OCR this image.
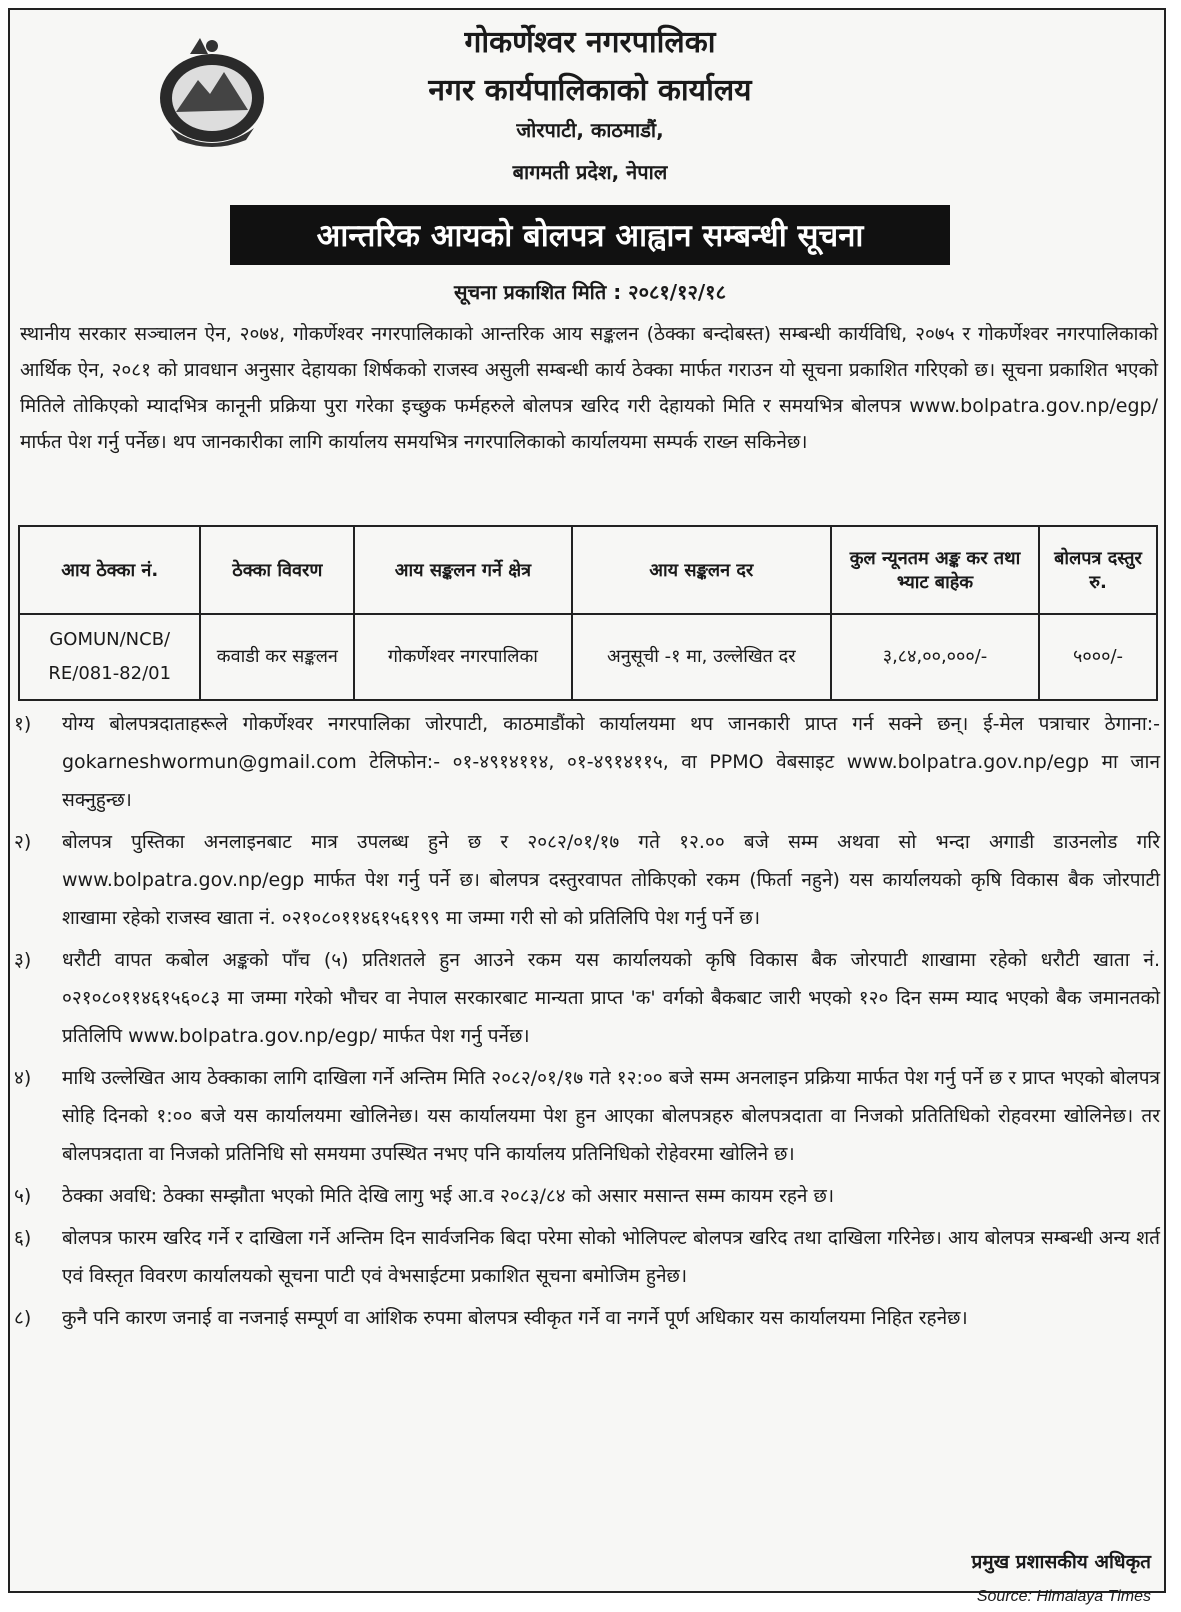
गोकर्णेश्वर नगरपालिका
नगर कार्यपालिकाको कार्यालय
जोरपाटी, काठमाडौं,
बागमती प्रदेश, नेपाल
आन्तरिक आयको बोलपत्र आह्वान सम्बन्धी सूचना
सूचना प्रकाशित मिति : २०८१/१२/१८

स्थानीय सरकार सञ्चालन ऐन, २०७४, गोकर्णेश्वर नगरपालिकाको आन्तरिक आय सङ्कलन (ठेक्का बन्दोबस्त) सम्बन्धी कार्यविधि, २०७५ र गोकर्णेश्वर नगरपालिकाको आर्थिक ऐन, २०८१ को प्रावधान अनुसार देहायका शिर्षकको राजस्व असुली सम्बन्धी कार्य ठेक्का मार्फत गराउन यो सूचना प्रकाशित गरिएको छ। सूचना प्रकाशित भएको मितिले तोकिएको म्यादभित्र कानूनी प्रक्रिया पुरा गरेका इच्छुक फर्महरुले बोलपत्र खरिद गरी देहायको मिति र समयभित्र बोलपत्र www.bolpatra.gov.np/egp/ मार्फत पेश गर्नु पर्नेछ। थप जानकारीका लागि कार्यालय समयभित्र नगरपालिकाको कार्यालयमा सम्पर्क राख्न सकिनेछ।

आय ठेक्का नं.	ठेक्का विवरण	आय सङ्कलन गर्ने क्षेत्र	आय सङ्कलन दर	कुल न्यूनतम अङ्क कर तथा भ्याट बाहेक	बोलपत्र दस्तुर रु.
GOMUN/NCB/ RE/081-82/01	कवाडी कर सङ्कलन	गोकर्णेश्वर नगरपालिका	अनुसूची -१ मा, उल्लेखित दर	३,८४,००,०००/-	५०००/-
१)	योग्य बोलपत्रदाताहरूले गोकर्णेश्वर नगरपालिका जोरपाटी, काठमाडौंको कार्यालयमा थप जानकारी प्राप्त गर्न सक्ने छन्। ई-मेल पत्राचार ठेगाना:- gokarneshwormun@gmail.com टेलिफोन:- ०१-४९१४११४, ०१-४९१४११५, वा PPMO वेबसाइट www.bolpatra.gov.np/egp मा जान सक्नुहुन्छ।
२)	बोलपत्र पुस्तिका अनलाइनबाट मात्र उपलब्ध हुने छ र २०८२/०१/१७ गते १२.०० बजे सम्म अथवा सो भन्दा अगाडी डाउनलोड गरि www.bolpatra.gov.np/egp मार्फत पेश गर्नु पर्ने छ। बोलपत्र दस्तुरवापत तोकिएको रकम (फिर्ता नहुने) यस कार्यालयको कृषि विकास बैक जोरपाटी शाखामा रहेको राजस्व खाता नं. ०२१०८०११४६१५६१९९ मा जम्मा गरी सो को प्रतिलिपि पेश गर्नु पर्ने छ।
३)	धरौटी वापत कबोल अङ्कको पाँच (५) प्रतिशतले हुन आउने रकम यस कार्यालयको कृषि विकास बैक जोरपाटी शाखामा रहेको धरौटी खाता नं. ०२१०८०११४६१५६०८३ मा जम्मा गरेको भौचर वा नेपाल सरकारबाट मान्यता प्राप्त 'क' वर्गको बैकबाट जारी भएको १२० दिन सम्म म्याद भएको बैक जमानतको प्रतिलिपि www.bolpatra.gov.np/egp/ मार्फत पेश गर्नु पर्नेछ।
४)	माथि उल्लेखित आय ठेक्काका लागि दाखिला गर्ने अन्तिम मिति २०८२/०१/१७ गते १२:०० बजे सम्म अनलाइन प्रक्रिया मार्फत पेश गर्नु पर्ने छ र प्राप्त भएको बोलपत्र सोहि दिनको १:०० बजे यस कार्यालयमा खोलिनेछ। यस कार्यालयमा पेश हुन आएका बोलपत्रहरु बोलपत्रदाता वा निजको प्रतितिधिको रोहवरमा खोलिनेछ। तर बोलपत्रदाता वा निजको प्रतिनिधि सो समयमा उपस्थित नभए पनि कार्यालय प्रतिनिधिको रोहेवरमा खोलिने छ।
५)	ठेक्का अवधि: ठेक्का सम्झौता भएको मिति देखि लागु भई आ.व २०८३/८४ को असार मसान्त सम्म कायम रहने छ।
६)	बोलपत्र फारम खरिद गर्ने र दाखिला गर्ने अन्तिम दिन सार्वजनिक बिदा परेमा सोको भोलिपल्ट बोलपत्र खरिद तथा दाखिला गरिनेछ। आय बोलपत्र सम्बन्धी अन्य शर्त एवं विस्तृत विवरण कार्यालयको सूचना पाटी एवं वेभसाईटमा प्रकाशित सूचना बमोजिम हुनेछ।
८)	कुनै पनि कारण जनाई वा नजनाई सम्पूर्ण वा आंशिक रुपमा बोलपत्र स्वीकृत गर्ने वा नगर्ने पूर्ण अधिकार यस कार्यालयमा निहित रहनेछ।
प्रमुख प्रशासकीय अधिकृत
Source: Himalaya Times
